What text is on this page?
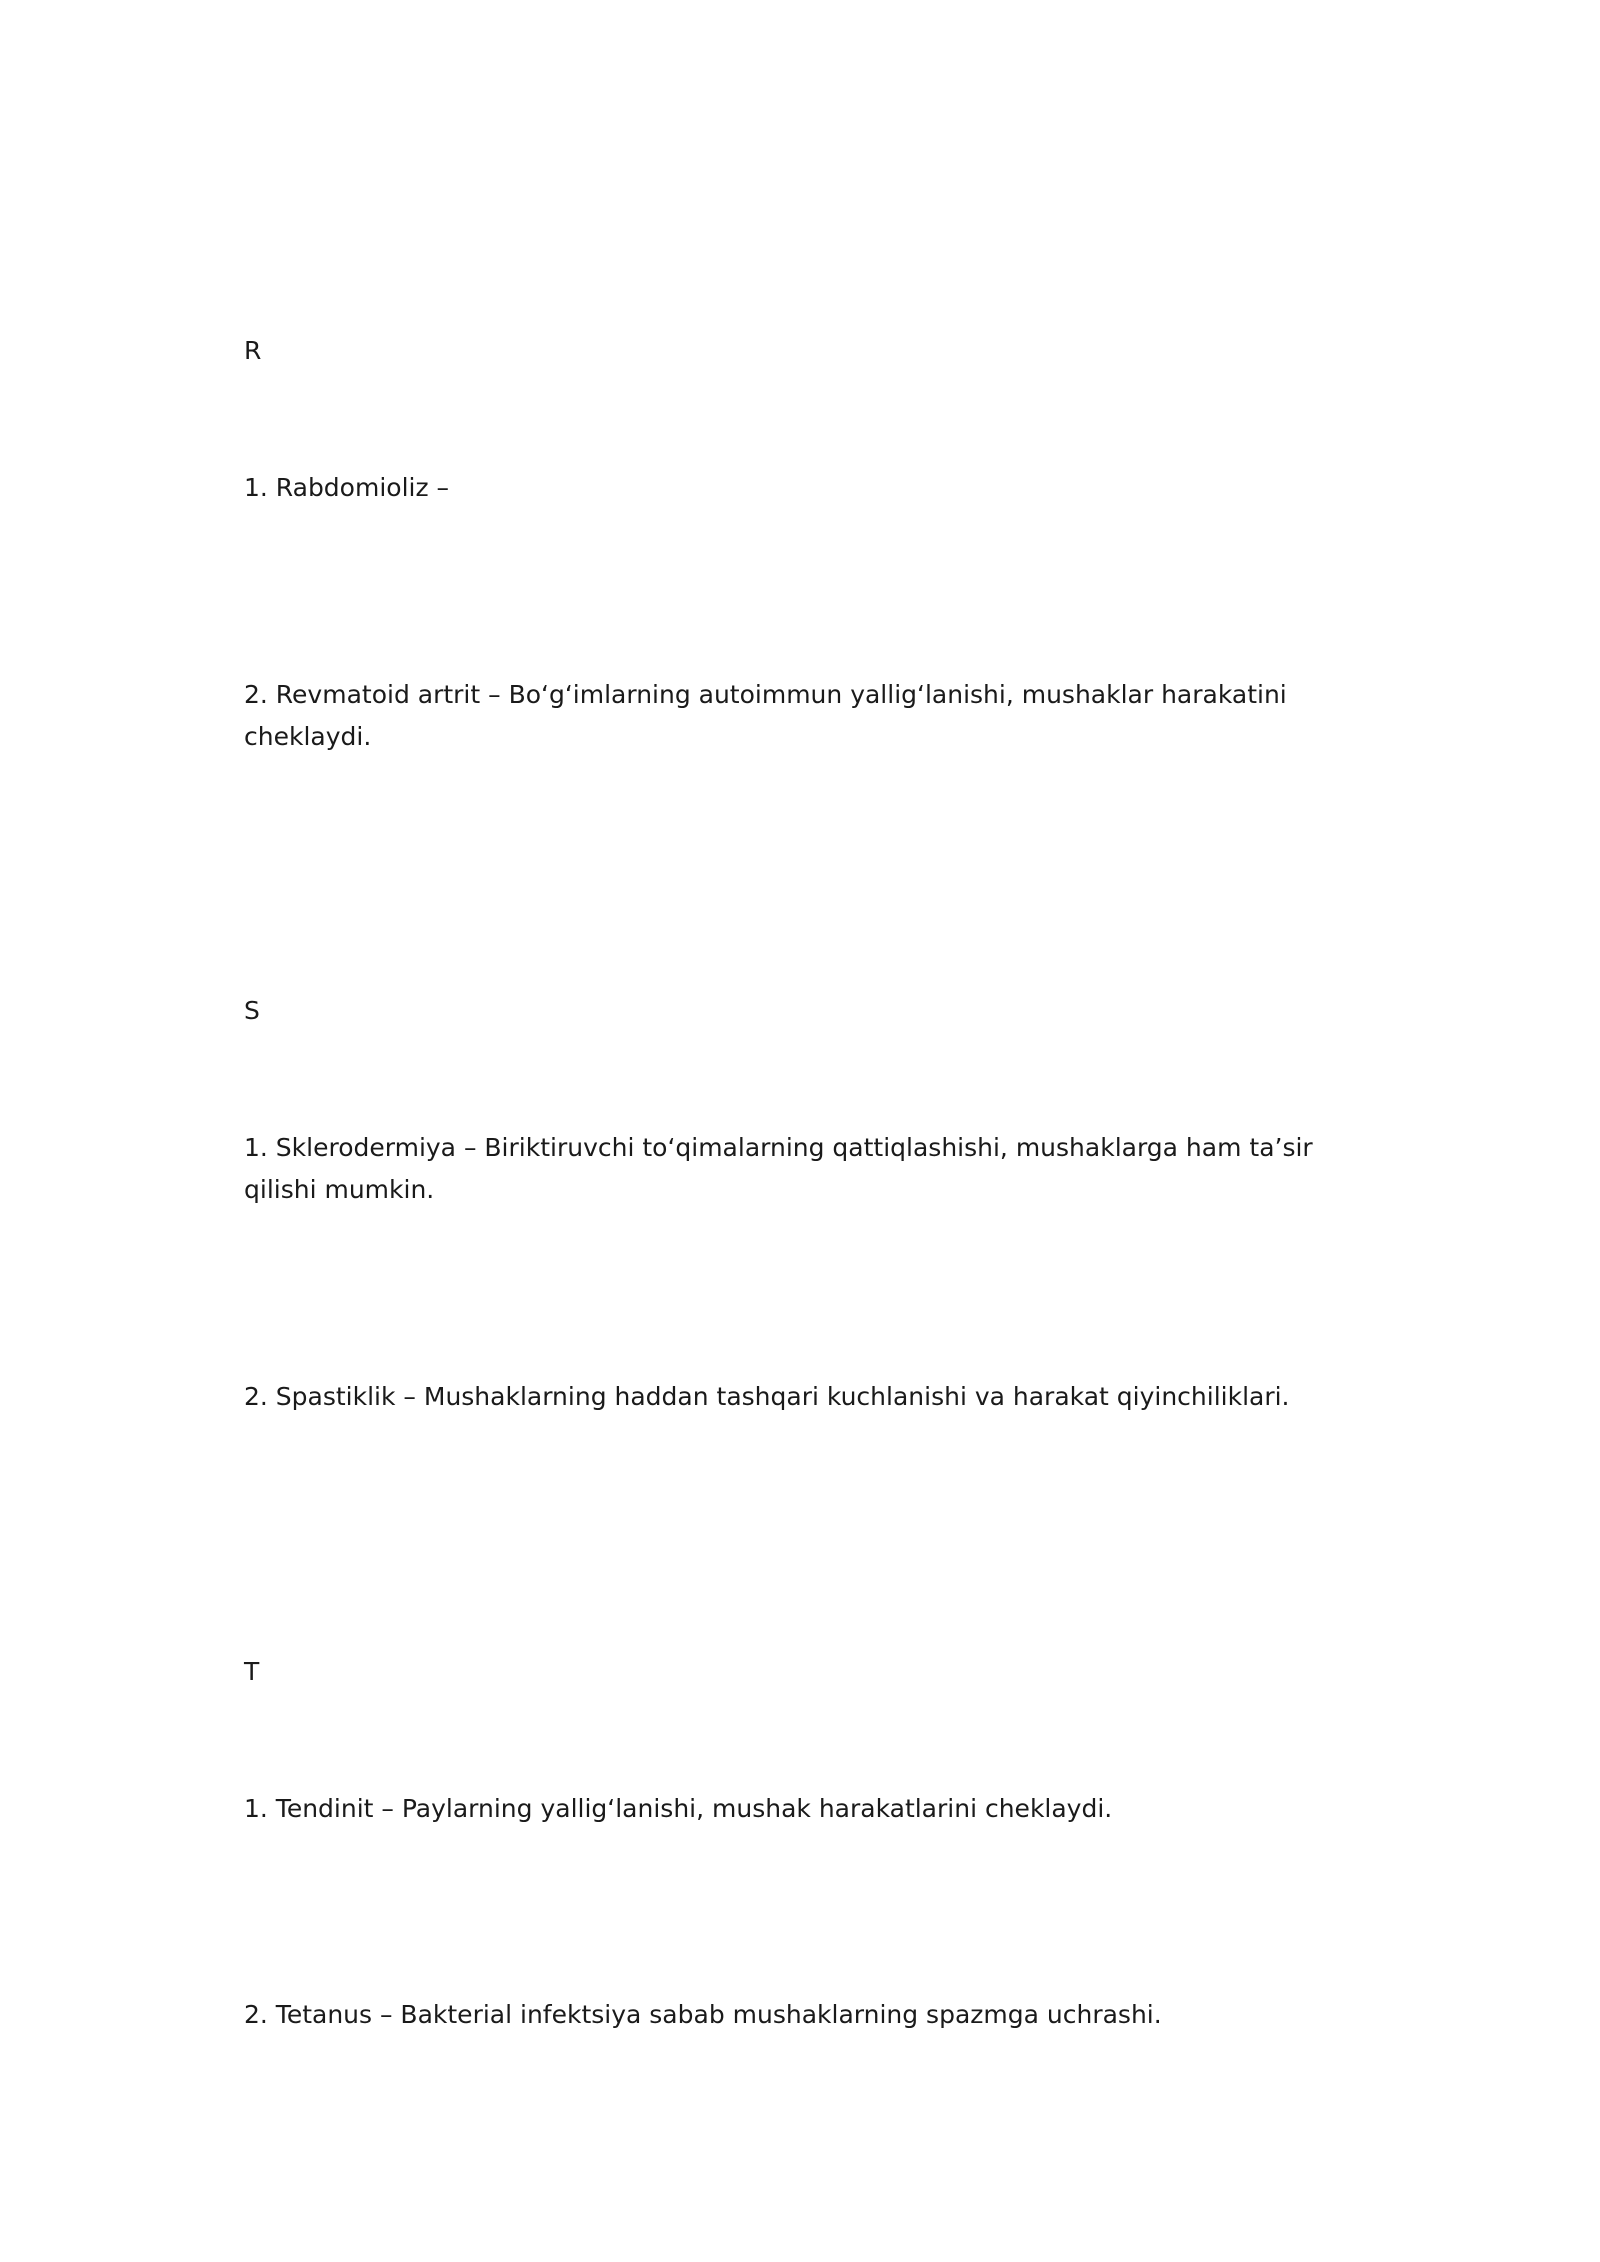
R

1. Rabdomioliz –

2. Revmatoid artrit – Bo‘g‘imlarning autoimmun yallig‘lanishi, mushaklar harakatini cheklaydi.

S

1. Sklerodermiya – Biriktiruvchi to‘qimalarning qattiqlashishi, mushaklarga ham ta’sir qilishi mumkin.

2. Spastiklik – Mushaklarning haddan tashqari kuchlanishi va harakat qiyinchiliklari.

T

1. Tendinit – Paylarning yallig‘lanishi, mushak harakatlarini cheklaydi.

2. Tetanus – Bakterial infektsiya sabab mushaklarning spazmga uchrashi.
